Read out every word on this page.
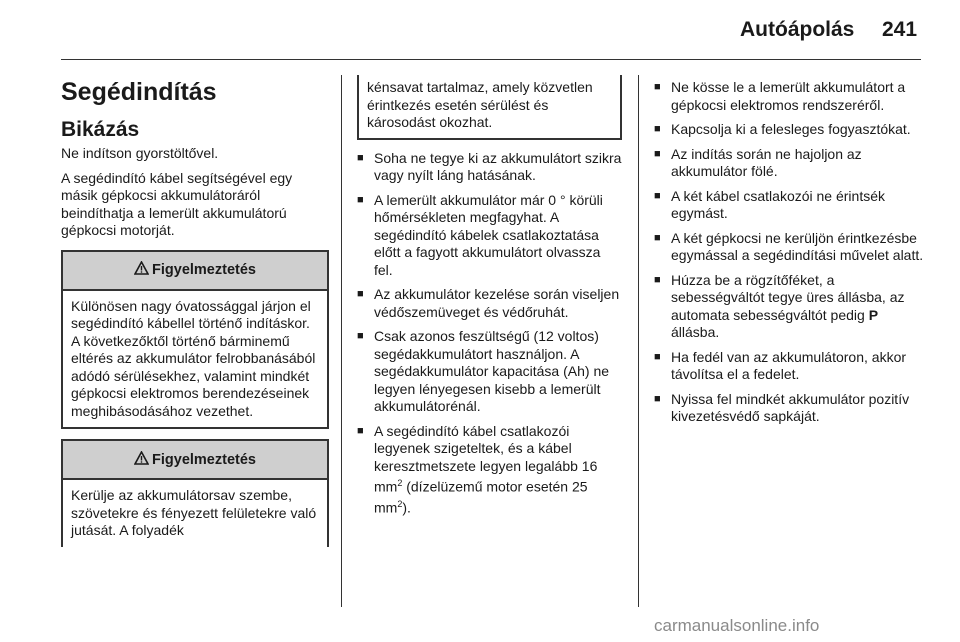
Autóápolás 241
Segédindítás
Bikázás

Ne indítson gyorstöltővel.

A segédindító kábel segítségével egy másik gépkocsi akkumulátoráról beindíthatja a lemerült akkumulátorú gépkocsi motorját.

Figyelmeztetés
Különösen nagy óvatossággal járjon el segédindító kábellel történő indításkor. A következőktől történő bárminemű eltérés az akkumulátor felrobbanásából adódó sérülésekhez, valamint mindkét gépkocsi elektromos berendezéseinek meghibásodásához vezethet.
Figyelmeztetés
Kerülje az akkumulátorsav szembe, szövetekre és fényezett felületekre való jutását. A folyadék
kénsavat tartalmaz, amely közvetlen érintkezés esetén sérülést és károsodást okozhat.
■ Soha ne tegye ki az akkumulátort szikra vagy nyílt láng hatásának.
■ A lemerült akkumulátor már 0 ° körüli hőmérsékleten megfagyhat. A segédindító kábelek csatlakoztatása előtt a fagyott akkumulátort olvassza fel.
■ Az akkumulátor kezelése során viseljen védőszemüveget és védőruhát.
■ Csak azonos feszültségű (12 voltos) segédakkumulátort használjon. A segédakkumulátor kapacitása (Ah) ne legyen lényegesen kisebb a lemerült akkumulátorénál.
■ A segédindító kábel csatlakozói legyenek szigeteltek, és a kábel keresztmetszete legyen legalább 16 $mm^2$ (dízelüzemű motor esetén 25 $mm^2$).
■ Ne kösse le a lemerült akkumulátort a gépkocsi elektromos rendszeréről.
■ Kapcsolja ki a felesleges fogyasztókat.
■ Az indítás során ne hajoljon az akkumulátor fölé.
■ A két kábel csatlakozói ne érintsék egymást.
■ A két gépkocsi ne kerüljön érintkezésbe egymással a segédindítási művelet alatt.
■ Húzza be a rögzítőféket, a sebességváltót tegye üres állásba, az automata sebességváltót pedig P állásba.
■ Ha fedél van az akkumulátoron, akkor távolítsa el a fedelet.
■ Nyissa fel mindkét akkumulátor pozitív kivezetésvédő sapkáját.
carmanualsonline.info
